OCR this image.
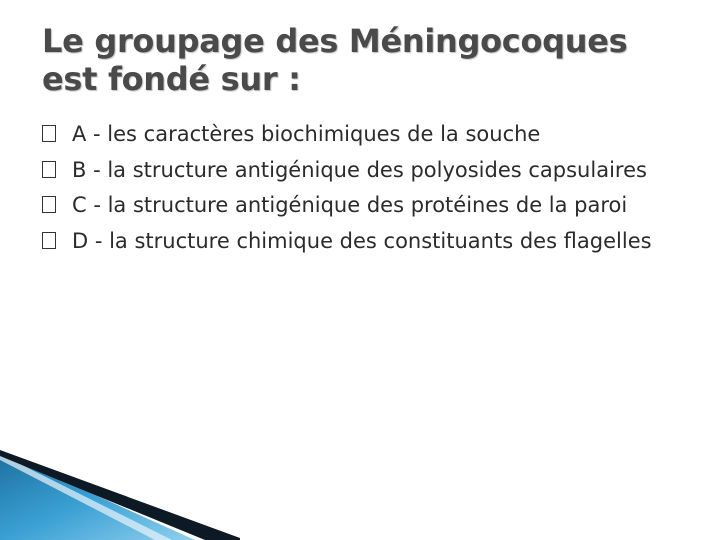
Le groupage des Méningocoques
est fondé sur :
A - les caractères biochimiques de la souche
B - la structure antigénique des polyosides capsulaires
C - la structure antigénique des protéines de la paroi
D - la structure chimique des constituants des flagelles
